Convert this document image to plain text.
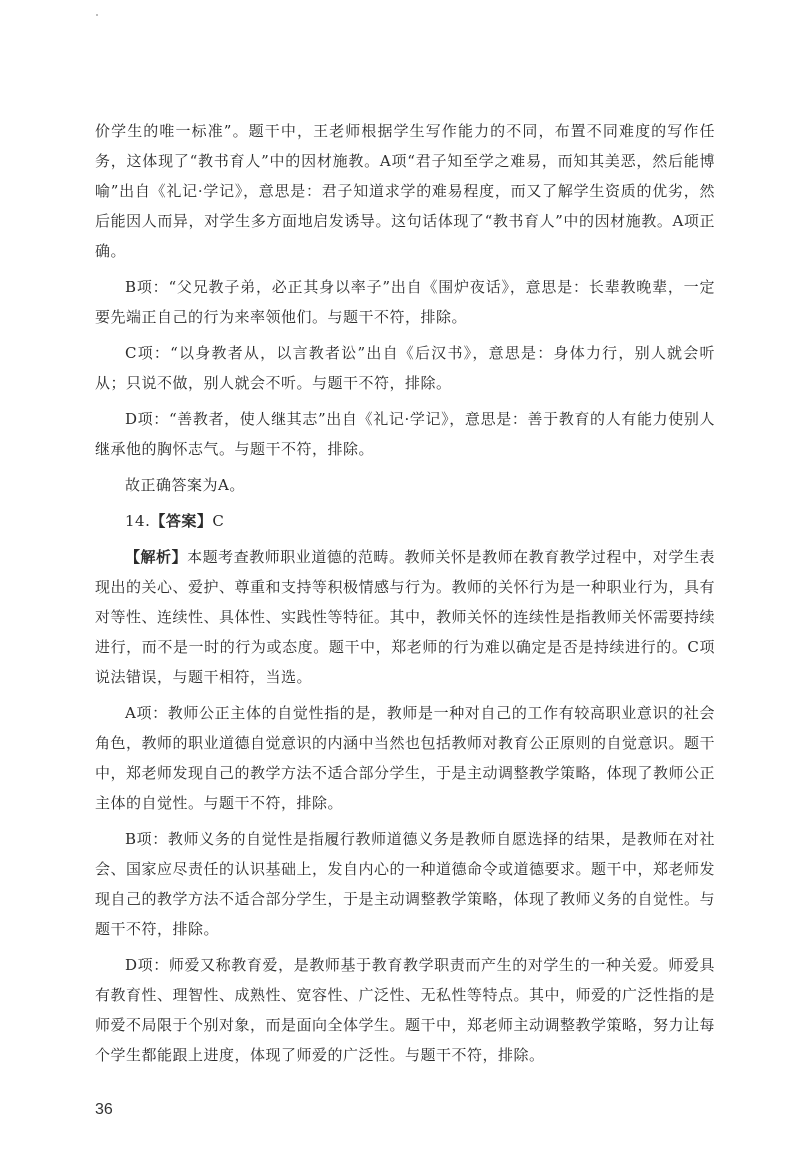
价学生的唯一标准”。题干中，王老师根据学生写作能力的不同，布置不同难度的写作任务，这体现了“教书育人”中的因材施教。A项“君子知至学之难易，而知其美恶，然后能博喻”出自《礼记·学记》，意思是：君子知道求学的难易程度，而又了解学生资质的优劣，然后能因人而异，对学生多方面地启发诱导。这句话体现了“教书育人”中的因材施教。A项正确。

B项：“父兄教子弟，必正其身以率子”出自《围炉夜话》，意思是：长辈教晚辈，一定要先端正自己的行为来率领他们。与题干不符，排除。

C项：“以身教者从，以言教者讼”出自《后汉书》，意思是：身体力行，别人就会听从；只说不做，别人就会不听。与题干不符，排除。

D项：“善教者，使人继其志”出自《礼记·学记》，意思是：善于教育的人有能力使别人继承他的胸怀志气。与题干不符，排除。

故正确答案为A。

14.【答案】C

【解析】本题考查教师职业道德的范畴。教师关怀是教师在教育教学过程中，对学生表现出的关心、爱护、尊重和支持等积极情感与行为。教师的关怀行为是一种职业行为，具有对等性、连续性、具体性、实践性等特征。其中，教师关怀的连续性是指教师关怀需要持续进行，而不是一时的行为或态度。题干中，郑老师的行为难以确定是否是持续进行的。C项说法错误，与题干相符，当选。

A项：教师公正主体的自觉性指的是，教师是一种对自己的工作有较高职业意识的社会角色，教师的职业道德自觉意识的内涵中当然也包括教师对教育公正原则的自觉意识。题干中，郑老师发现自己的教学方法不适合部分学生，于是主动调整教学策略，体现了教师公正主体的自觉性。与题干不符，排除。

B项：教师义务的自觉性是指履行教师道德义务是教师自愿选择的结果，是教师在对社会、国家应尽责任的认识基础上，发自内心的一种道德命令或道德要求。题干中，郑老师发现自己的教学方法不适合部分学生，于是主动调整教学策略，体现了教师义务的自觉性。与题干不符，排除。

D项：师爱又称教育爱，是教师基于教育教学职责而产生的对学生的一种关爱。师爱具有教育性、理智性、成熟性、宽容性、广泛性、无私性等特点。其中，师爱的广泛性指的是师爱不局限于个别对象，而是面向全体学生。题干中，郑老师主动调整教学策略，努力让每个学生都能跟上进度，体现了师爱的广泛性。与题干不符，排除。

36
